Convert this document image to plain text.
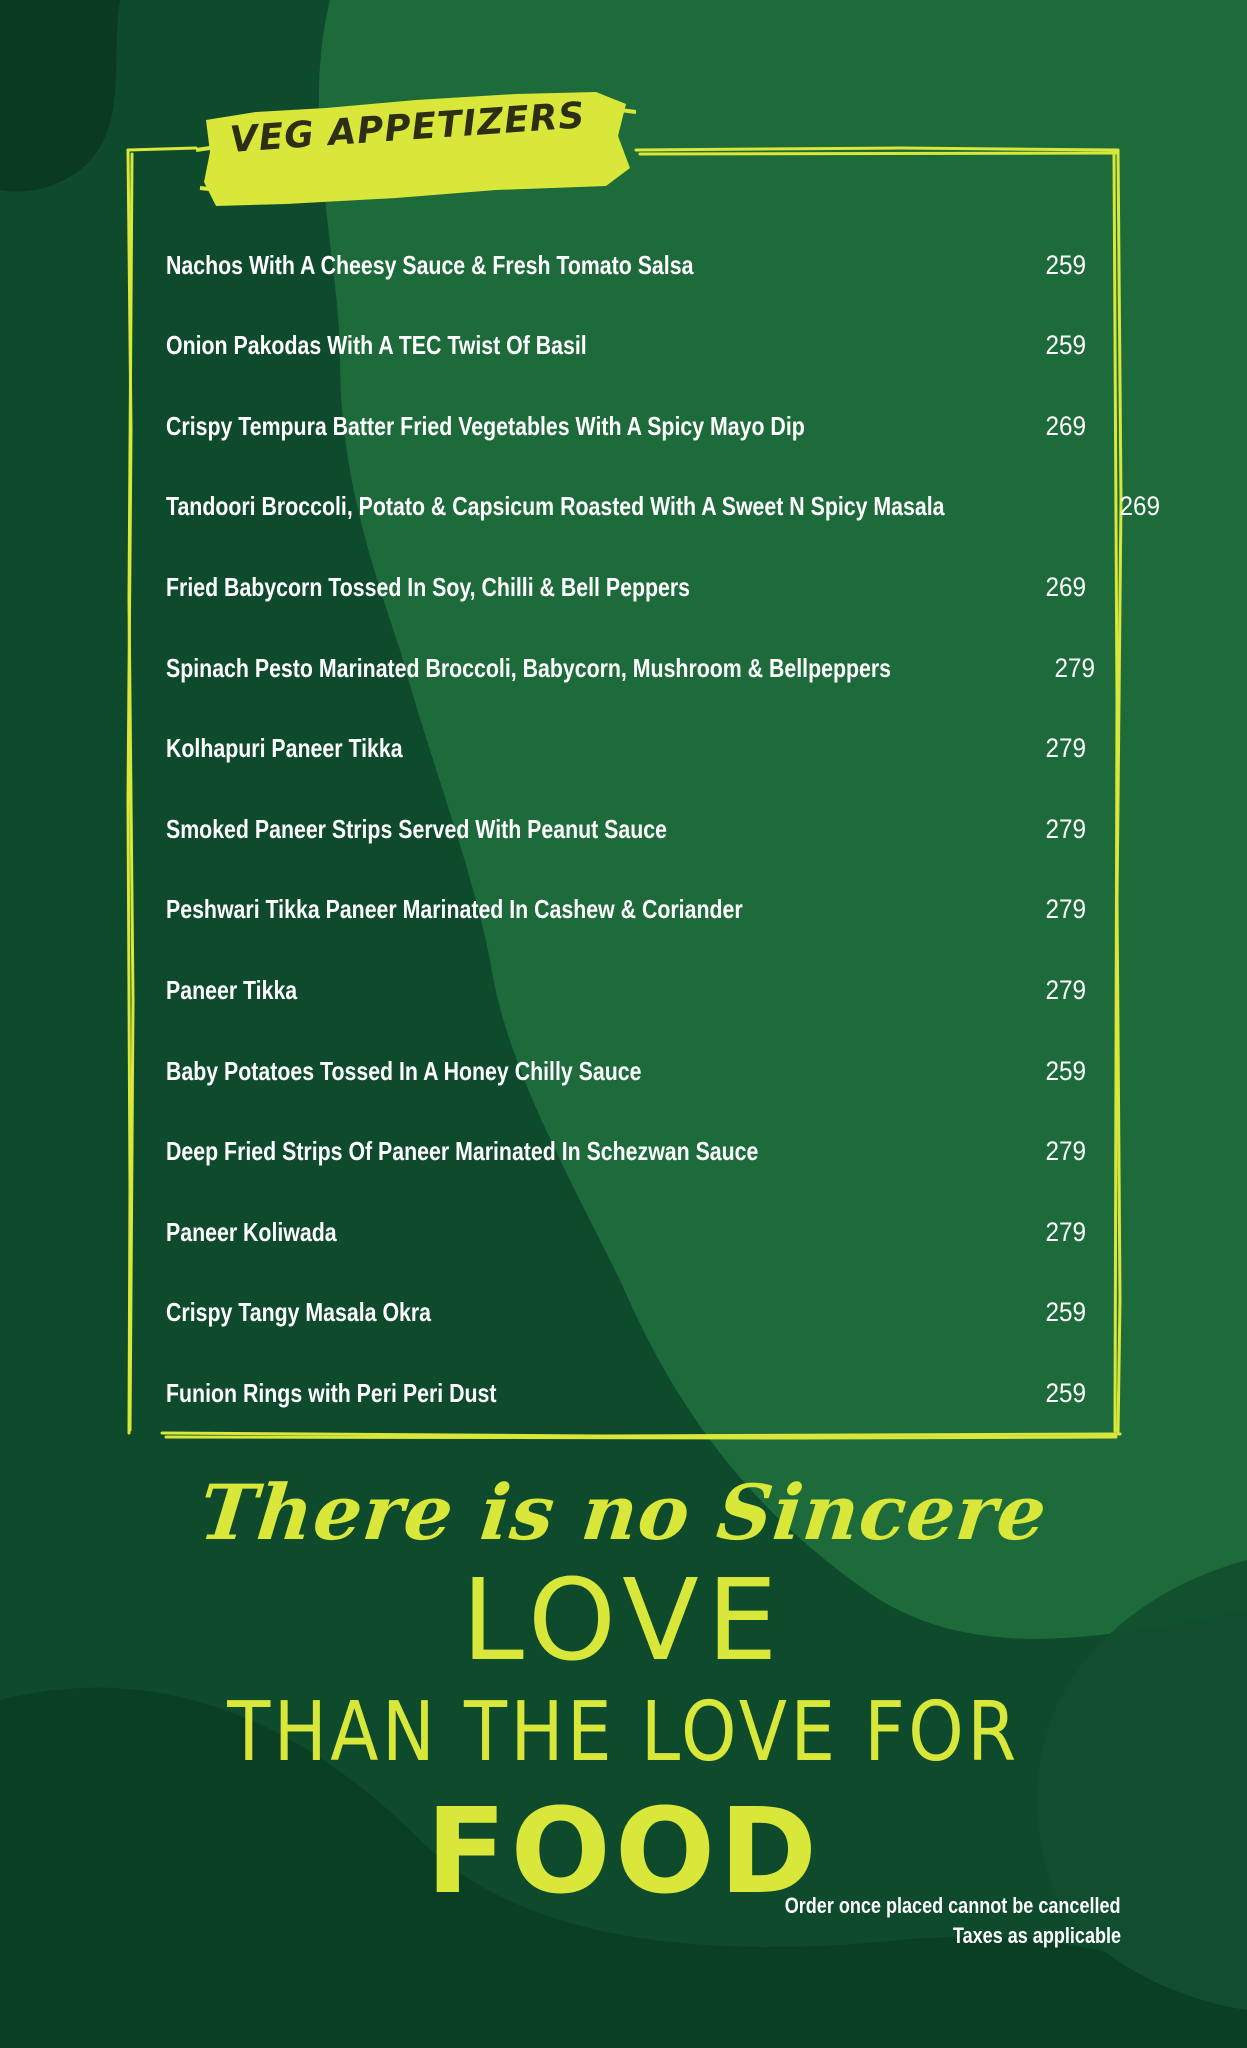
VEG APPETIZERS
Nachos With A Cheesy Sauce & Fresh Tomato Salsa	259
Onion Pakodas With A TEC Twist Of Basil	259
Crispy Tempura Batter Fried Vegetables With A Spicy Mayo Dip	269
Tandoori Broccoli, Potato & Capsicum Roasted With A Sweet N Spicy Masala	269
Fried Babycorn Tossed In Soy, Chilli & Bell Peppers	269
Spinach Pesto Marinated Broccoli, Babycorn, Mushroom & Bellpeppers	279
Kolhapuri Paneer Tikka	279
Smoked Paneer Strips Served With Peanut Sauce	279
Peshwari Tikka Paneer Marinated In Cashew & Coriander	279
Paneer Tikka	279
Baby Potatoes Tossed In A Honey Chilly Sauce	259
Deep Fried Strips Of Paneer Marinated In Schezwan Sauce	279
Paneer Koliwada	279
Crispy Tangy Masala Okra	259
Funion Rings with Peri Peri Dust	259
There is no Sincere
LOVE
THAN THE LOVE FOR
FOOD
Order once placed cannot be cancelled
Taxes as applicable
